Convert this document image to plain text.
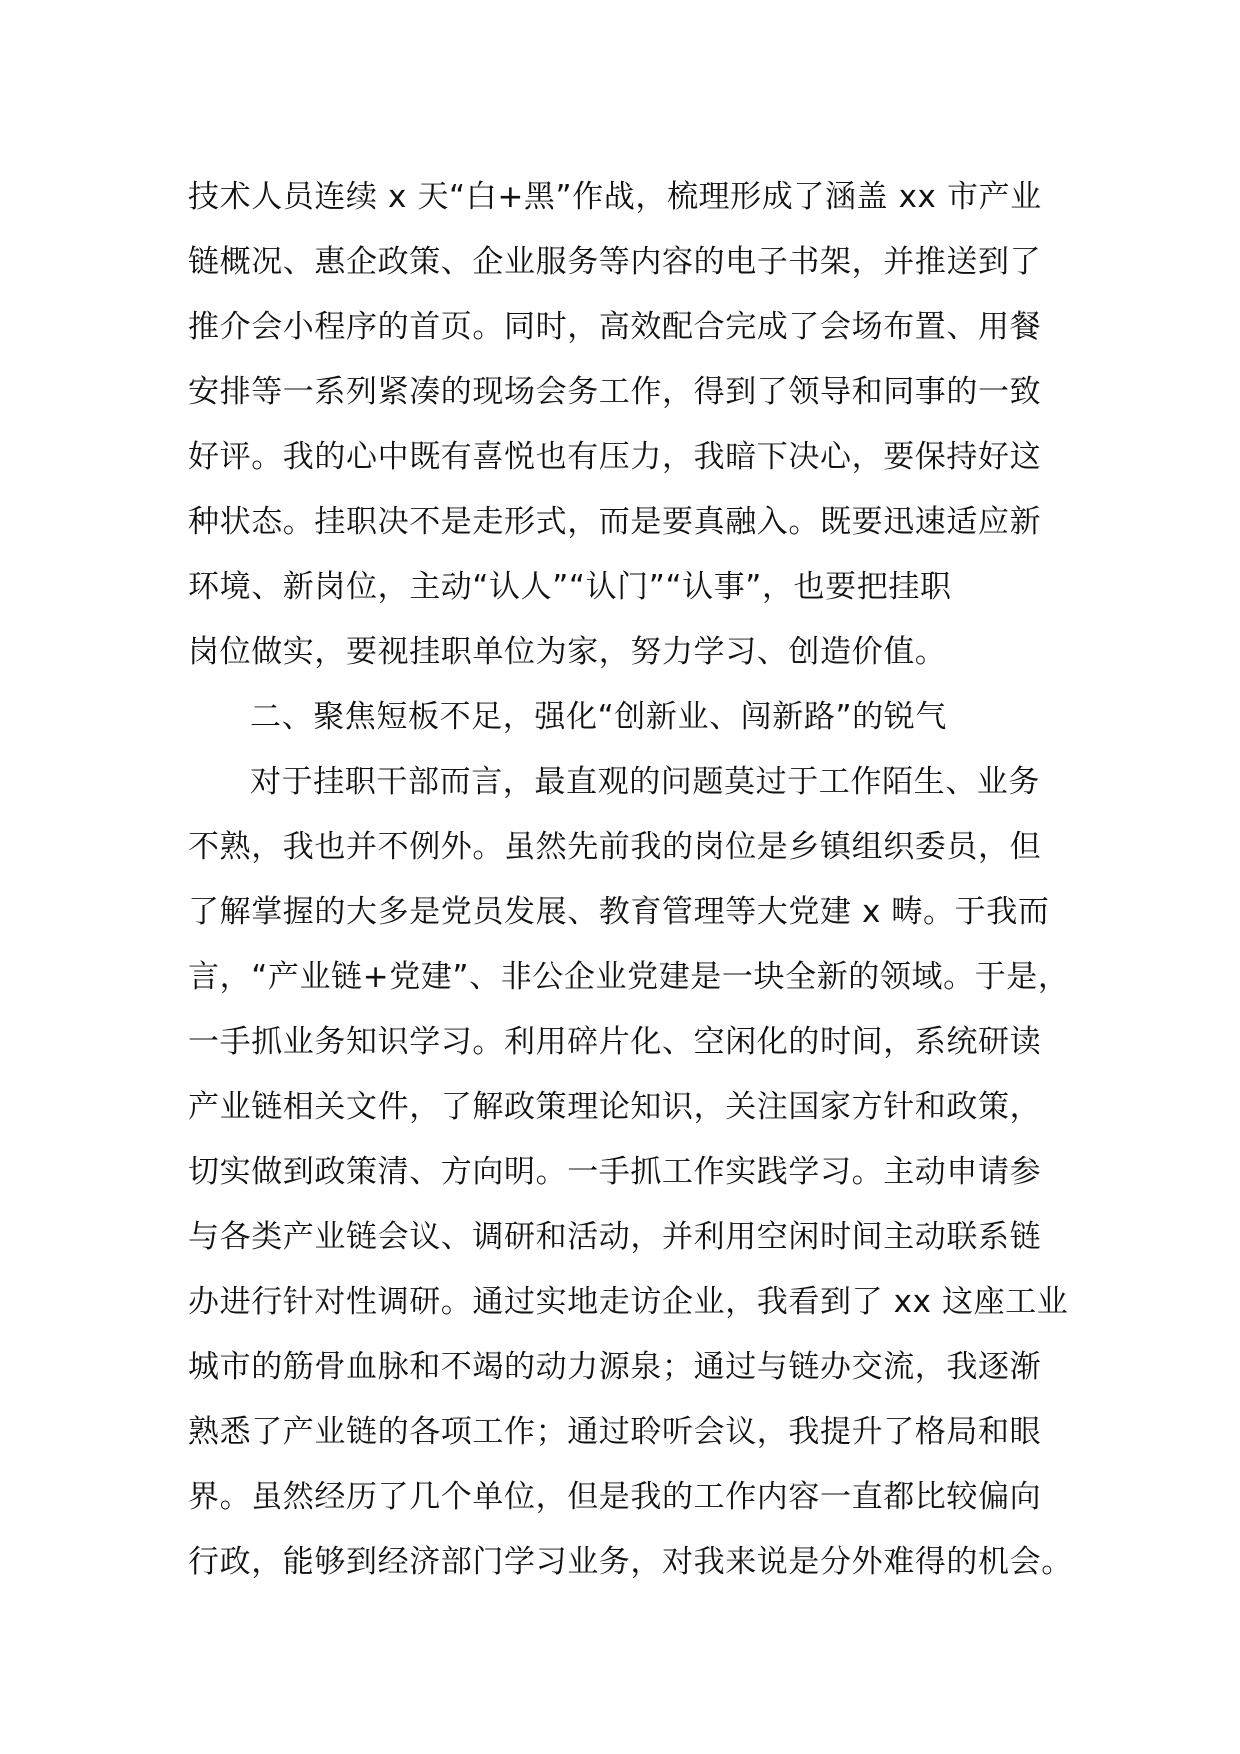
技术人员连续 x 天“白+黑”作战，梳理形成了涵盖 xx 市产业
链概况、惠企政策、企业服务等内容的电子书架，并推送到了
推介会小程序的首页。同时，高效配合完成了会场布置、用餐
安排等一系列紧凑的现场会务工作，得到了领导和同事的一致
好评。我的心中既有喜悦也有压力，我暗下决心，要保持好这
种状态。挂职决不是走形式，而是要真融入。既要迅速适应新
环境、新岗位，主动“认人”“认门”“认事”，也要把挂职
岗位做实，要视挂职单位为家，努力学习、创造价值。
二、聚焦短板不足，强化“创新业、闯新路”的锐气
对于挂职干部而言，最直观的问题莫过于工作陌生、业务
不熟，我也并不例外。虽然先前我的岗位是乡镇组织委员，但
了解掌握的大多是党员发展、教育管理等大党建 x 畴。于我而
言，“产业链+党建”、非公企业党建是一块全新的领域。于是，
一手抓业务知识学习。利用碎片化、空闲化的时间，系统研读
产业链相关文件，了解政策理论知识，关注国家方针和政策，
切实做到政策清、方向明。一手抓工作实践学习。主动申请参
与各类产业链会议、调研和活动，并利用空闲时间主动联系链
办进行针对性调研。通过实地走访企业，我看到了 xx 这座工业
城市的筋骨血脉和不竭的动力源泉；通过与链办交流，我逐渐
熟悉了产业链的各项工作；通过聆听会议，我提升了格局和眼
界。虽然经历了几个单位，但是我的工作内容一直都比较偏向
行政，能够到经济部门学习业务，对我来说是分外难得的机会。
